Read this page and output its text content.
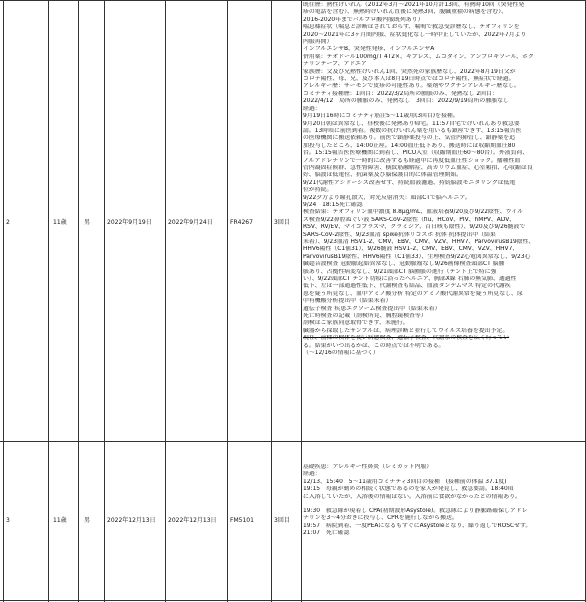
2	11歳	男	2022年9月19日	2022年9月24日	FR4267	3回目
既往歴：熱性けいれん（2012年3月～2021年10月計13回、有熱時10回（突発性発
疹の電話を含む）、無熱時けいれん直後に発熱3回、腹臓重積の病態を含む）、
2016-2020年までバルプロ酸内服既列あり）
喘息様症状（喘息と診断はされておらず、喘鳴で救急受診歴なし、テオフィリンを
2020～2021年に3ヶ月間内服、症状寛化なし一時中止していたが、2022年7月より
内服再開）
インフルエンザB、突発性発疹、インフルエンザA
併用薬：テオドール100mg/T 4T2×、キプレス、ムコダイン、アンブロキソール、ホク
ナリンテープ、アドエア
家族歴：父及び兄熱性けいれん1回、突然死の家族歴なし、2022年8月19日父が
コロナ陽性、母、兄、及び本人は8月19日時点ではコロナ陽性、無症状で経過。
アレルギー歴：サーモンで皮疹の可能性あり。薬剤やワクチンアレルギー歴なし。
コミナティ接種歴：1回目：2022/3/2局所の腫脹のみ、発熱なし 2回目：
2022/4/12　局所の腫脹のみ、発熱なし　3回目：2022/9/19局所の腫脹なし
経過：
9月19日16時にコミナティ筋注5～11歳用(3回目)を接種。
9月20日朝は異常なし、昼校後に発熱あり帰宅。11:57自宅でけいれんあり救急要
請。13時頃に前医到着。複数の抗けいれん薬を用いるも鎮痙できず、13:15報告医
の医療機関に搬送依頼あり。前医で鎮静薬投与の上、気管内挿管し、鎮静薬を追
加投与したところ、14:00止痙。14:00血圧低下あり、搬送時には収縮期血圧80
台。15:15報告医医療機関に到着し、PICU入室（収縮期血圧60～80台）。外液負荷、
ノルアドレナリンで一時的に改善するも経過中に再度低血圧性ショック。播種性血
管内凝固症候群、急性腎障害、横紋筋融解症、高カリウム血症、心室頻拍、心収縮は良
好、脳波は低電位、抗菌薬及び脳保護目的に体温管理開始。
9/21代謝性アシドーシス改善せず、持続血液濾過、持続脳波モニタリングは低電
位が持続。
9/22夕方より瞳孔散大、対光反射消失：頭部CTで脳ヘルニア。
9/24　18:15死亡確認
検査結果：テオフィリン血中濃度 8.8μg/mL、血液培養9/20及び9/22陰性、ウイル
ス検査9/22鼻腔ぬぐい液 SARS-CoV-2陰性（flu、HCoV、PIV、hMPV、ADV、
RSV、RV/EV、マイコプラズマ、クラミジア、百日咳も陰性）、9/20及び9/26髄液で
SARS-CoV-2陰性、9/23血清 spike抗体リコスボ 抗体 抗体提出中（結果
未着）、9/23血清 HSV1-2、CMV、EBV、CMV、VZV、HHV7、ParvovirusB19陰性、
HHV6陽性（C1値31）、9/26髄液 HSV1-2、CMV、EBV、CMV、VZV、HHV7、
ParvovirusB19陰性、HHV6陽性（C1値33）、生理検査9/22心電図異常なし、9/23心
臓超音波検査 冠動脈起始異常なし、冠動脈瘤なし9/26画像検査頭部CT 脳腫
脹あり、占拠性病変なし、9/21頭部CT 脳腫脹の進行（テント上で特に強
い）、9/22頭部CT テント切痕に沿ったヘルニア、胸部X線 右肺の無気肺、通過性
低下、左は一部通過性低下、代謝検査も結品、血液タンデムマス 特定の代謝疾
患を疑う所見なし、血中アミノ酸分析 特定のアミノ酸代謝異常を疑う所見なし、尿
中有機酸分析提出中（結果未着）
遺伝子検査 疾患エクソーム検査提出中（結果未着）
死亡時検査の記載（剖検所見、胸腔鏡検査等）
剖検はご家族同意取得できず、未施行。
臓器から採取したサンプルは、病理診断と並行してウイルス培養を提出予定。
現在、前様の検体を使い病態検査、遺伝子検査、代謝系の検査を広く行ってい
る。結果がいつ出るかは、この時点では不明である。
（～12/16の情報に基づく）
3	11歳	男	2022年12月13日 2022年12月13日 FM5101	3回目
基礎疾患：アレルギー性鼻炎（レミカット内服）
経過：
12/13、15:40　5～11歳用コミナティ3回目の接種　(接種前の体温 37.1度)
19:15　母親が勤めの相続く状態であるのを家人が発見し、救急要請。18:40頃
に入浴していたが、入浴後の情報はない。入浴前に食欲がなかったとの情報あり。
19:30　救急隊が現着し CPA(初期波形Asystole)。救急隊により静脈路確保しアドレ
ナリンを3～4分おきに投与し、CPRを施行しながら搬送。
19:57　病院到着、一度PEAになるもすぐにAsystoleとなり、繰り返しでROSCせず。
21:07　死亡確認
